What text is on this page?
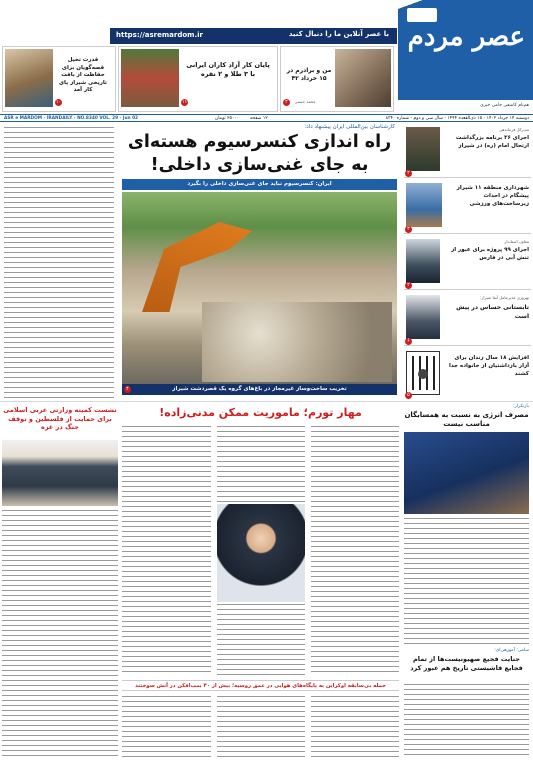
عصر مردم
هم‌نام کاشفی حامی خبری
با عصر آنلاین ما را دنبال کنید
https://asremardom.ir
من و برادرم در ۱۵ خرداد ۴۲
محمد حسنی
۲
پایان کار آزاد کاران ایرانی با ۳ طلا و ۲ نقره
۱۱
قدرت تخیل قصه‌گویان برای حفاظت از بافت تاریخی شیراز پای کار آمد
۱۰
دوشنبه ۱۴ خرداد ۱۴۰۲ - ۱۵ ذی‌القعده ۱۴۴۴ - سال سی و دوم - شماره ۸۳۴۰
۲۵۰۰۰ تومان ۱۲ صفحه
ASR e MARDOM - IRANDAILY - NO.8340 VOL. 29 - Jun 02
مدیرکل فرماندهی
اجرای ۳۶ برنامه بزرگداشت ارتحال امام (ره) در شیراز
۲
شهرداری منطقه ۱۱ شیراز پیشگام در احداث زیرساخت‌های ورزشی
۳
معاون استاندار
اجرای ۹۹ پروژه برای عبور از تنش آبی در فارس
۲
بهروزی مدیرعامل آبفا شیراز:
تابستانی حساس در پیش است
۶
افزایش ۱۸ سال زندان برای آزار بازداشتیان از خانواده جدا کشند
۵
کارشناسان بین‌المللی ایران پیشنهاد داد:
راه اندازی کنسرسیوم هسته‌ای
به جای غنی‌سازی داخلی!
ایران: کنسرسیوم نباید جای غنی‌سازی داخلی را بگیرد
تخریب ساخت‌وساز غیرمجاز در باغ‌های گروه یک قصردشت شیراز
۴
بازتکرار:
مصرف انرژی به نسبت به همسایگان مناسب نیست
سامی؛ آمورهی‌ای:
جنایت فجیع صهیونیست‌ها از تمام فجایع فاشیستی تاریخ هم عبور کرد
مهار تورم؛ ماموریت ممکن مدنی‌زاده!
حمله بی‌سابقه اوکراین به پایگاه‌های هوایی در عمق روسیه؛ بیش از ۴۰ بمب‌افکن در آتش سوختند
نشست کمیته وزارتی عربی اسلامی برای حمایت از فلسطین و توقف جنگ در غزه
